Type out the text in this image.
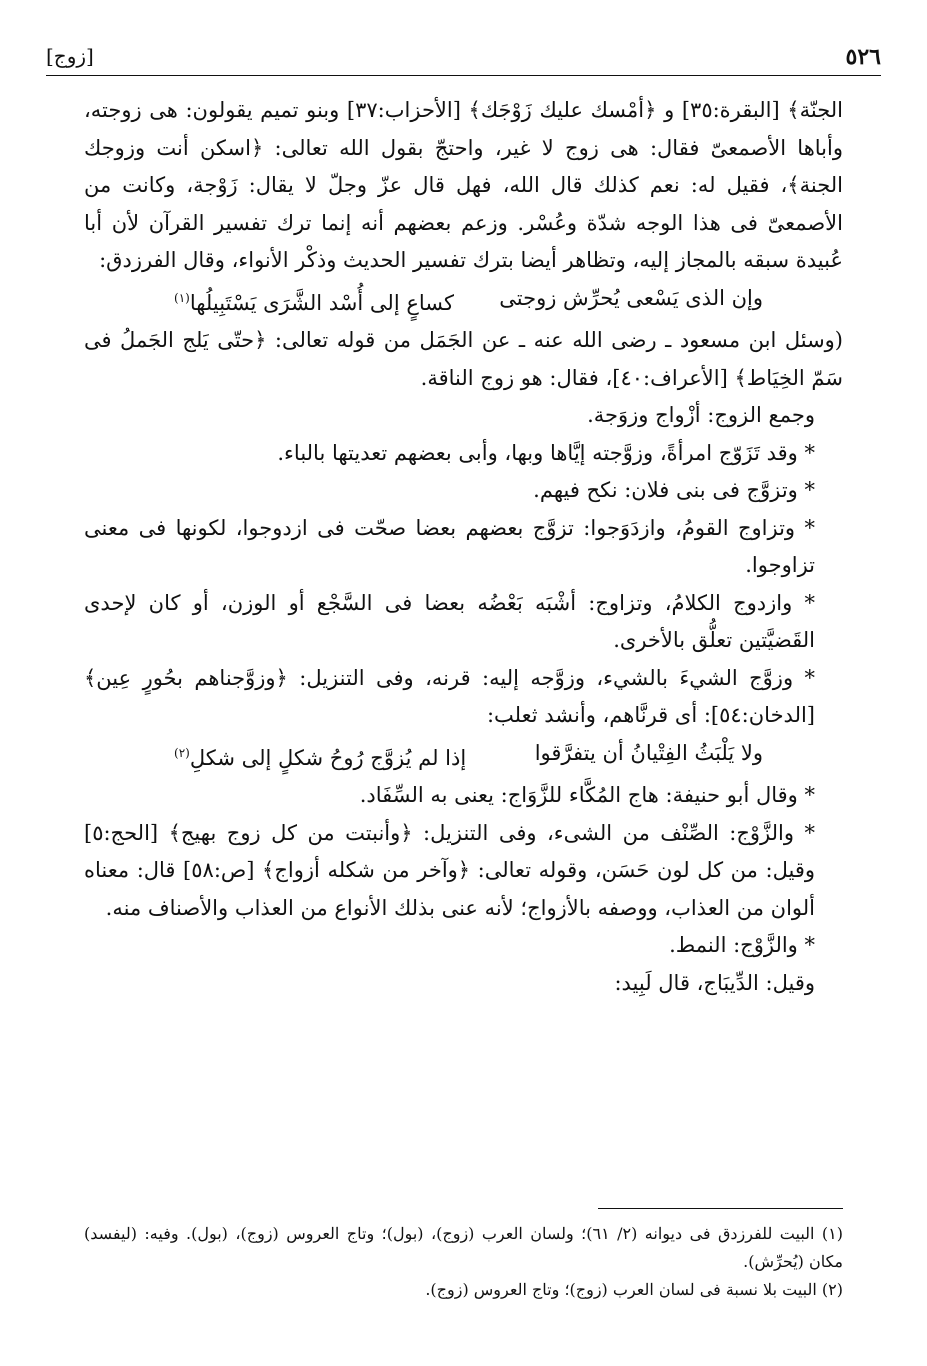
٥٢٦
[زوج]

الجنّة﴾ [البقرة:٣٥] و ﴿أمْسك عليك زَوْجَك﴾ [الأحزاب:٣٧] وبنو تميم يقولون: هى زوجته، وأباها الأصمعىّ فقال: هى زوج لا غير، واحتجّ بقول الله تعالى: ﴿اسكن أنت وزوجك الجنة﴾، فقيل له: نعم كذلك قال الله، فهل قال عزّ وجلّ لا يقال: زَوْجة، وكانت من الأصمعىّ فى هذا الوجه شدّة وعُسْر. وزعم بعضهم أنه إنما ترك تفسير القرآن لأن أبا عُبيدة سبقه بالمجاز إليه، وتظاهر أيضا بترك تفسير الحديث وذكْر الأنواء، وقال الفرزدق:

وإن الذى يَسْعى يُحرِّش زوجتى
كساعٍ إلى أُسْد الشَّرَى يَسْتَبِيلُها$^{(١)}$

(وسئل ابن مسعود ـ رضى الله عنه ـ عن الجَمَل من قوله تعالى: ﴿حتّى يَلج الجَملُ فى سَمّ الخِيَاط﴾ [الأعراف:٤٠]، فقال: هو زوج الناقة.

وجمع الزوج: أزْواج وزوَجة.

* وقد تَزَوّج امرأةً، وزوَّجته إيَّاها وبها، وأبى بعضهم تعديتها بالباء.

* وتزوَّج فى بنى فلان: نكح فيهم.

* وتزاوج القومُ، وازدَوَجوا: تزوَّج بعضهم بعضا صحّت فى ازدوجوا، لكونها فى معنى تزاوجوا.

* وازدوج الكلامُ، وتزاوج: أشْبَه بَعْضُه بعضا فى السَّجْع أو الوزن، أو كان لإحدى القَضيَّتين تعلُّق بالأخرى.

* وزوَّج الشيءَ بالشيء، وزوَّجه إليه: قرنه، وفى التنزيل: ﴿وزوَّجناهم بحُورٍ عِين﴾ [الدخان:٥٤]: أى قرنَّاهم، وأنشد ثعلب:

ولا يَلْبَثُ الفِتْيانُ أن يتفرَّقوا
إذا لم يُزوَّج رُوحُ شكلٍ إلى شكلِ$^{(٢)}$

* وقال أبو حنيفة: هاج المُكَّاء للزَّوَاج: يعنى به السِّفَاد.

* والزَّوْج: الصِّنْف من الشىء، وفى التنزيل: ﴿وأنبتت من كل زوج بهيج﴾ [الحج:٥] وقيل: من كل لون حَسَن، وقوله تعالى: ﴿وآخر من شكله أزواج﴾ [ص:٥٨] قال: معناه ألوان من العذاب، ووصفه بالأزواج؛ لأنه عنى بذلك الأنواع من العذاب والأصناف منه.

* والزَّوْج: النمط.

وقيل: الدِّيبَاج، قال لَبِيد:

(١) البيت للفرزدق فى ديوانه (٢/ ٦١)؛ ولسان العرب (زوج)، (بول)؛ وتاج العروس (زوج)، (بول). وفيه: (ليفسد) مكان (يُحرِّش).

(٢) البيت بلا نسبة فى لسان العرب (زوج)؛ وتاج العروس (زوج).
